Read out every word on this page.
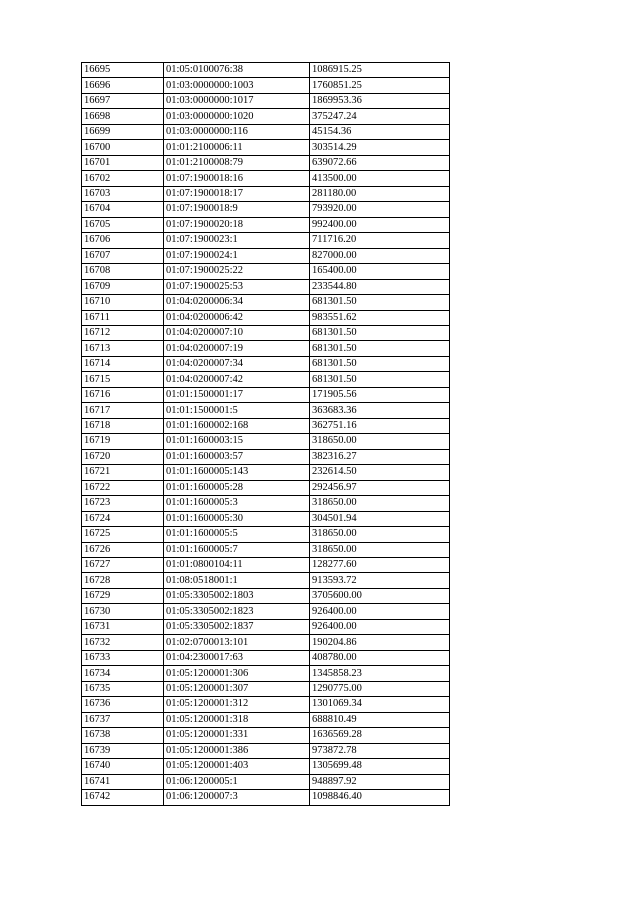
16695	01:05:0100076:38	1086915.25
16696	01:03:0000000:1003	1760851.25
16697	01:03:0000000:1017	1869953.36
16698	01:03:0000000:1020	375247.24
16699	01:03:0000000:116	45154.36
16700	01:01:2100006:11	303514.29
16701	01:01:2100008:79	639072.66
16702	01:07:1900018:16	413500.00
16703	01:07:1900018:17	281180.00
16704	01:07:1900018:9	793920.00
16705	01:07:1900020:18	992400.00
16706	01:07:1900023:1	711716.20
16707	01:07:1900024:1	827000.00
16708	01:07:1900025:22	165400.00
16709	01:07:1900025:53	233544.80
16710	01:04:0200006:34	681301.50
16711	01:04:0200006:42	983551.62
16712	01:04:0200007:10	681301.50
16713	01:04:0200007:19	681301.50
16714	01:04:0200007:34	681301.50
16715	01:04:0200007:42	681301.50
16716	01:01:1500001:17	171905.56
16717	01:01:1500001:5	363683.36
16718	01:01:1600002:168	362751.16
16719	01:01:1600003:15	318650.00
16720	01:01:1600003:57	382316.27
16721	01:01:1600005:143	232614.50
16722	01:01:1600005:28	292456.97
16723	01:01:1600005:3	318650.00
16724	01:01:1600005:30	304501.94
16725	01:01:1600005:5	318650.00
16726	01:01:1600005:7	318650.00
16727	01:01:0800104:11	128277.60
16728	01:08:0518001:1	913593.72
16729	01:05:3305002:1803	3705600.00
16730	01:05:3305002:1823	926400.00
16731	01:05:3305002:1837	926400.00
16732	01:02:0700013:101	190204.86
16733	01:04:2300017:63	408780.00
16734	01:05:1200001:306	1345858.23
16735	01:05:1200001:307	1290775.00
16736	01:05:1200001:312	1301069.34
16737	01:05:1200001:318	688810.49
16738	01:05:1200001:331	1636569.28
16739	01:05:1200001:386	973872.78
16740	01:05:1200001:403	1305699.48
16741	01:06:1200005:1	948897.92
16742	01:06:1200007:3	1098846.40
